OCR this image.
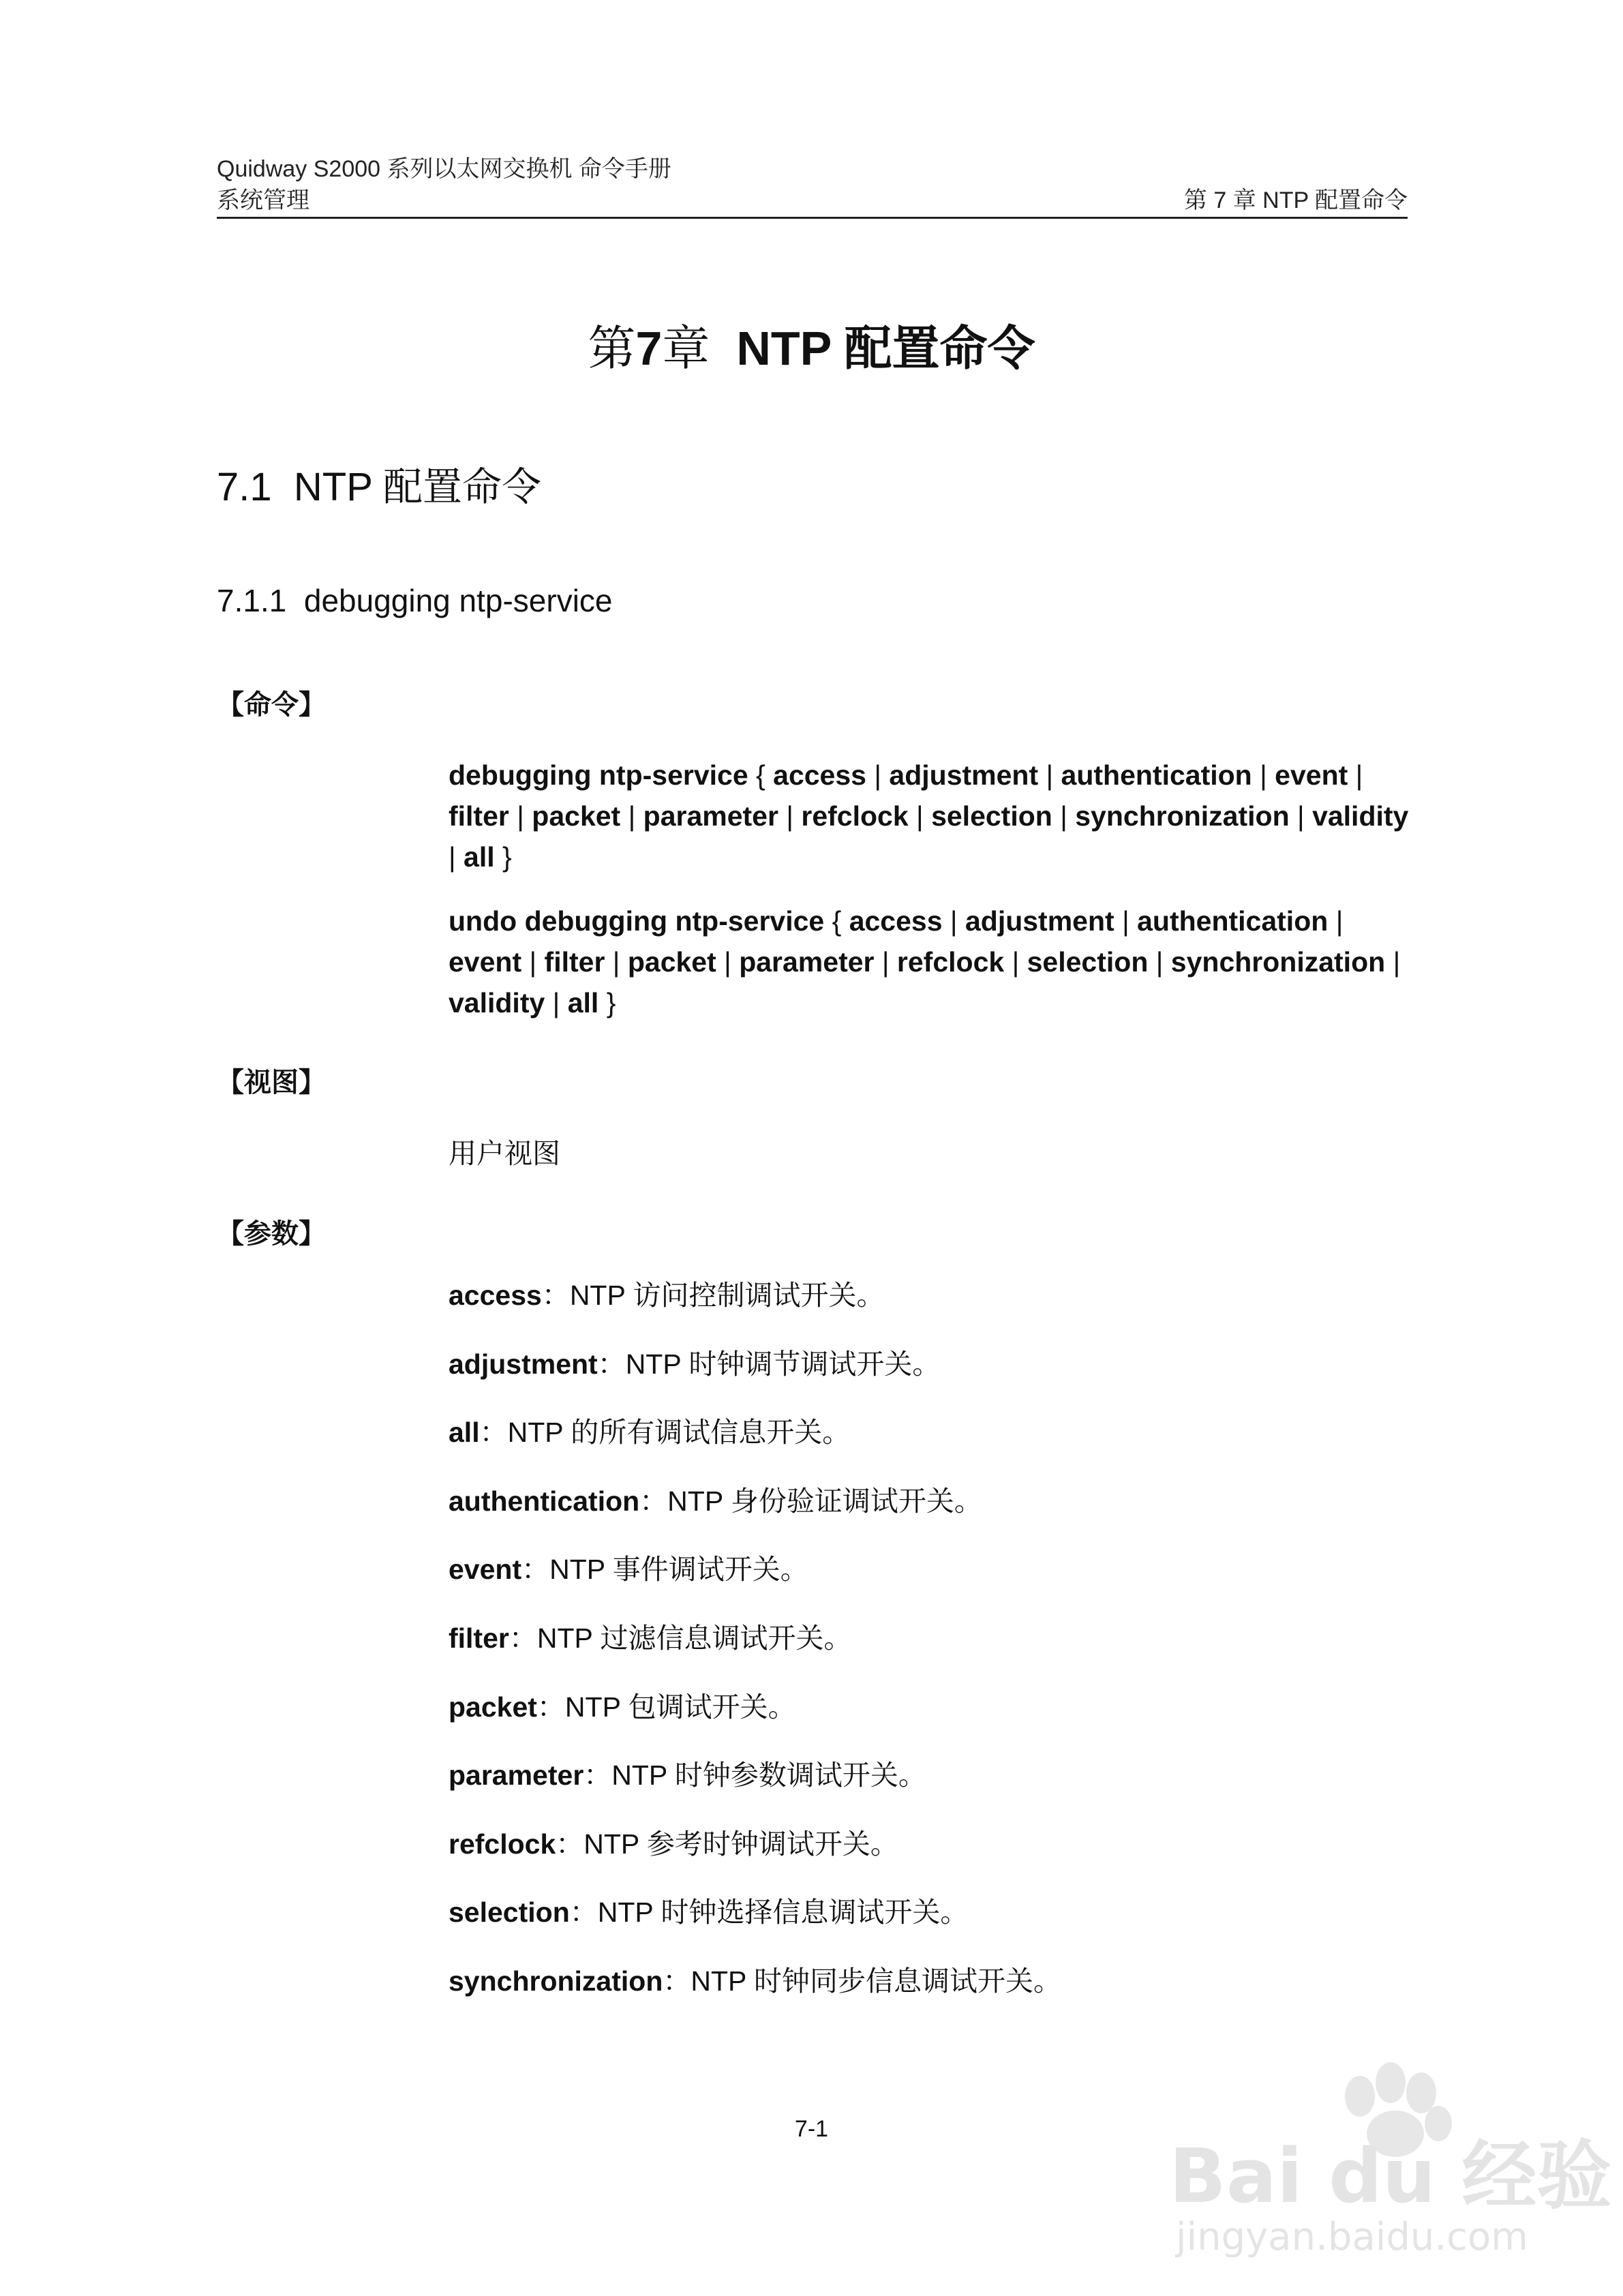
Quidway S2000 系列以太网交换机 命令手册
系统管理	第 7 章 NTP 配置命令
第7章 NTP 配置命令
7.1 NTP 配置命令
7.1.1 debugging ntp-service
【命令】
debugging ntp-service { access | adjustment | authentication | event | filter | packet | parameter | refclock | selection | synchronization | validity | all }
undo debugging ntp-service { access | adjustment | authentication | event | filter | packet | parameter | refclock | selection | synchronization | validity | all }
【视图】
用户视图
【参数】
access：NTP 访问控制调试开关。
adjustment：NTP 时钟调节调试开关。
all：NTP 的所有调试信息开关。
authentication：NTP 身份验证调试开关。
event：NTP 事件调试开关。
filter：NTP 过滤信息调试开关。
packet：NTP 包调试开关。
parameter：NTP 时钟参数调试开关。
refclock：NTP 参考时钟调试开关。
selection：NTP 时钟选择信息调试开关。
synchronization：NTP 时钟同步信息调试开关。
7-1
Bai du 经验
jingyan.baidu.com
